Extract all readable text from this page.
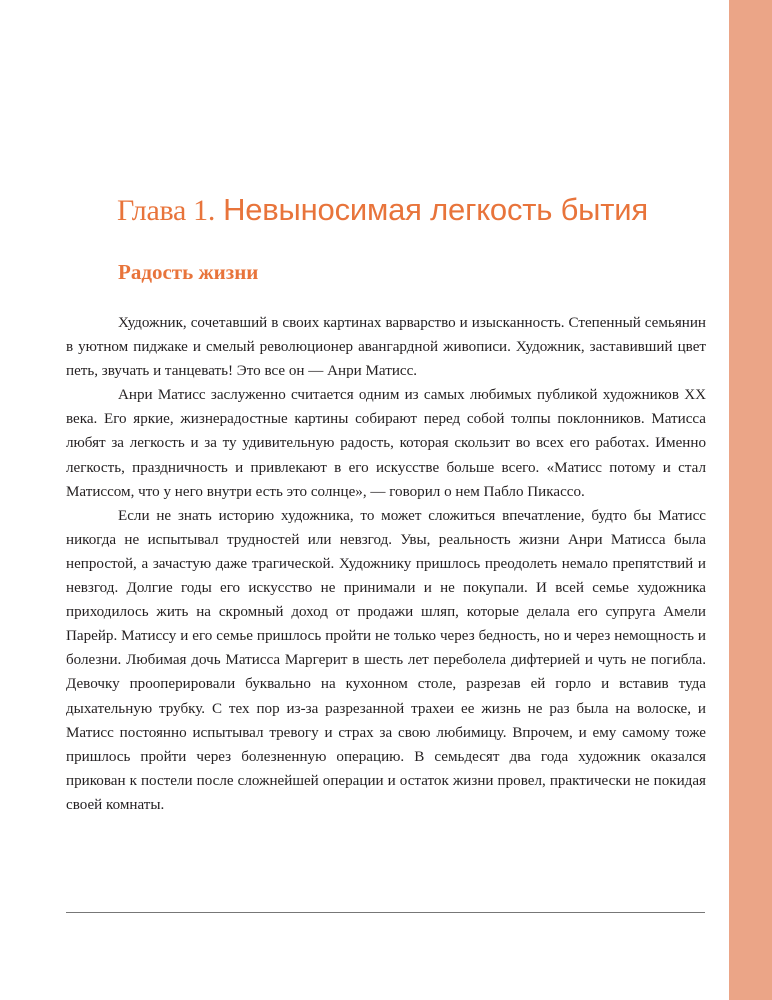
Глава 1. Невыносимая легкость бытия
Радость жизни

Художник, сочетавший в своих картинах варварство и изысканность. Степенный семьянин в уютном пиджаке и смелый революционер авангардной живописи. Художник, заставивший цвет петь, звучать и танцевать! Это все он — Анри Матисс.

Анри Матисс заслуженно считается одним из самых любимых публикой художников XX века. Его яркие, жизнерадостные картины собирают перед собой толпы поклонников. Матисса любят за легкость и за ту удивительную радость, которая скользит во всех его работах. Именно легкость, праздничность и привлекают в его искусстве больше всего. «Матисс потому и стал Матиссом, что у него внутри есть это солнце», — говорил о нем Пабло Пикассо.

Если не знать историю художника, то может сложиться впечатление, будто бы Матисс никогда не испытывал трудностей или невзгод. Увы, реальность жизни Анри Матисса была непростой, а зачастую даже трагической. Художнику пришлось преодолеть немало препятствий и невзгод. Долгие годы его искусство не принимали и не покупали. И всей семье художника приходилось жить на скромный доход от продажи шляп, которые делала его супруга Амели Парейр. Матиссу и его семье пришлось пройти не только через бедность, но и через немощность и болезни. Любимая дочь Матисса Маргерит в шесть лет переболела дифтерией и чуть не погибла. Девочку прооперировали буквально на кухонном столе, разрезав ей горло и вставив туда дыхательную трубку. С тех пор из-за разрезанной трахеи ее жизнь не раз была на волоске, и Матисс постоянно испытывал тревогу и страх за свою любимицу. Впрочем, и ему самому тоже пришлось пройти через болезненную операцию. В семьдесят два года художник оказался прикован к постели после сложнейшей операции и остаток жизни провел, практически не покидая своей комнаты.
